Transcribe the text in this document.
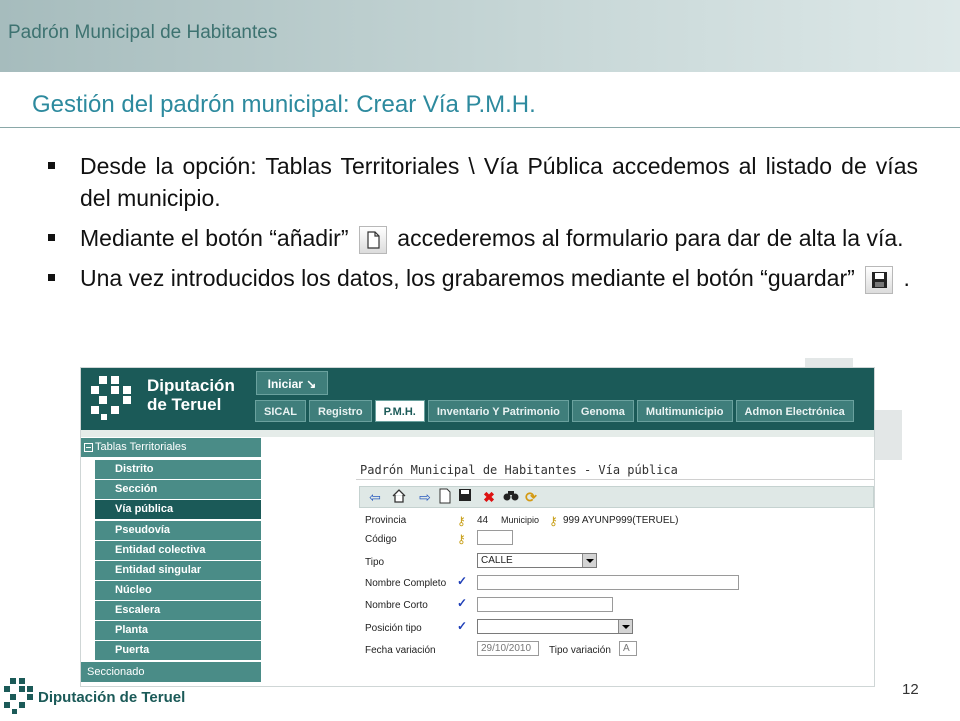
Padrón Municipal de Habitantes
Gestión del padrón municipal: Crear Vía P.M.H.
Desde la opción: Tablas Territoriales \ Vía Pública accedemos al listado de vías del municipio.
Mediante el botón “añadir” accederemos al formulario para dar de alta la vía.
Una vez introducidos los datos, los grabaremos mediante el botón “guardar” .
Diputación
de Teruel
Iniciar ↘
SICAL	Registro	P.M.H.	Inventario Y Patrimonio	Genoma	Multimunicipio	Admon Electrónica
Tablas Territoriales
Distrito
Sección
Vía pública
Pseudovía
Entidad colectiva
Entidad singular
Núcleo
Escalera
Planta
Puerta
Seccionado
Padrón Municipal de Habitantes - Vía pública
⇦	⇨	✖ ⟳
Provincia	⚷ 44 Municipio ⚷ 999 AYUNP999(TERUEL)
Código	⚷
Tipo	CALLE
Nombre Completo ✓
Nombre Corto ✓
Posición tipo	✓
Fecha variación	29/10/2010	Tipo variación	A
Diputación de Teruel	12
